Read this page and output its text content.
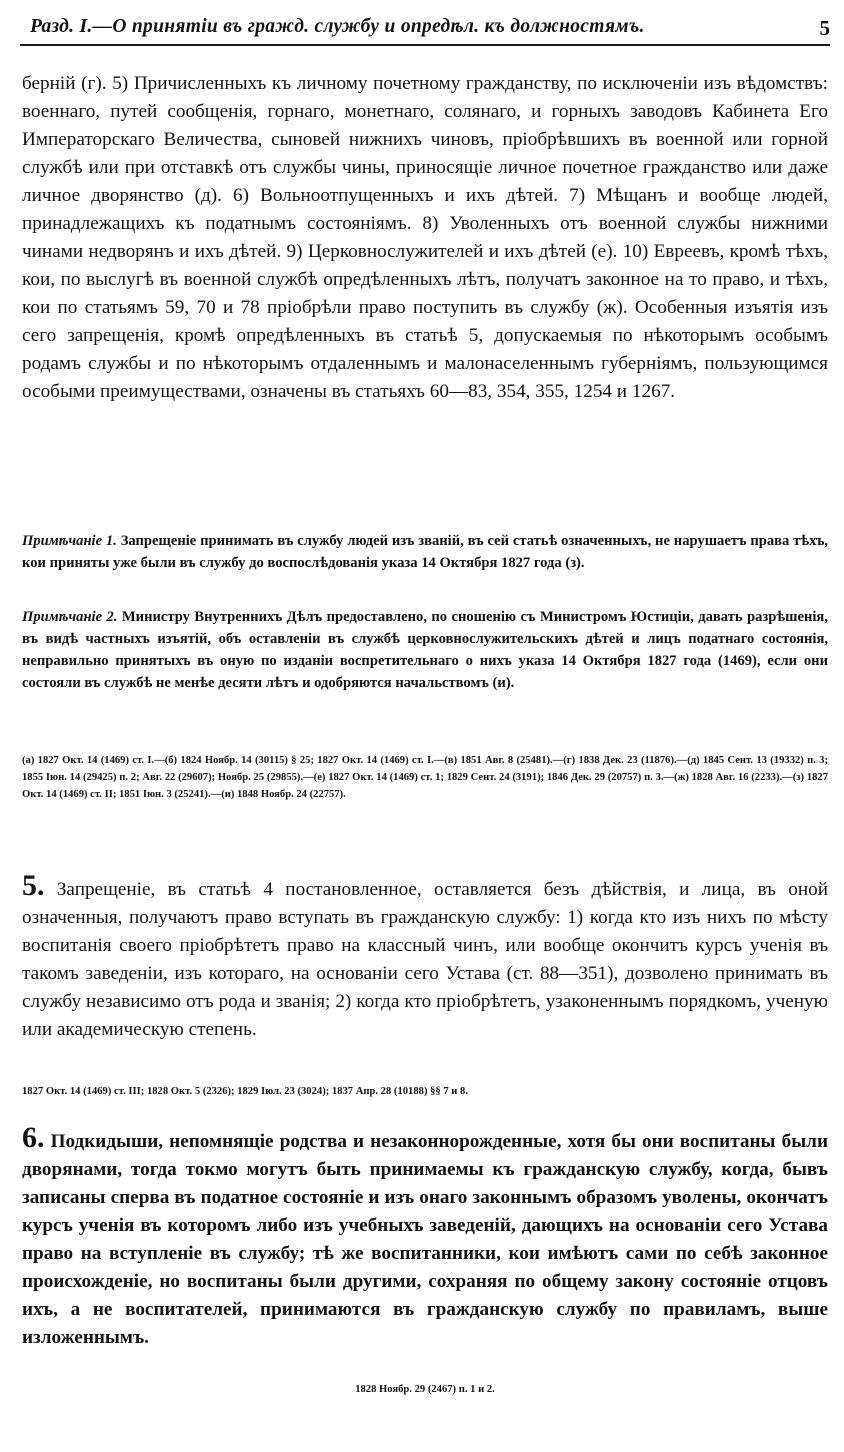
Разд. I.—О принятіи въ гражд. службу и опредѣл. къ должностямъ.	5

берній (г). 5) Причисленныхъ къ личному почетному гражданству, по исключеніи изъ вѣдомствъ: военнаго, путей сообщенія, горнаго, монетнаго, солянаго, и горныхъ заводовъ Кабинета Его Императорскаго Величества, сыновей нижнихъ чиновъ, пріобрѣвшихъ въ военной или горной службѣ или при отставкѣ отъ службы чины, приносящіе личное почетное гражданство или даже личное дворянство (д). 6) Вольноотпущенныхъ и ихъ дѣтей. 7) Мѣщанъ и вообще людей, принадлежащихъ къ податнымъ состояніямъ. 8) Уволенныхъ отъ военной службы нижними чинами недворянъ и ихъ дѣтей. 9) Церковнослужителей и ихъ дѣтей (е). 10) Евреевъ, кромѣ тѣхъ, кои, по выслугѣ въ военной службѣ опредѣленныхъ лѣтъ, получатъ законное на то право, и тѣхъ, кои по статьямъ 59, 70 и 78 пріобрѣли право поступить въ службу (ж). Особенныя изъятія изъ сего запрещенія, кромѣ опредѣленныхъ въ статьѣ 5, допускаемыя по нѣкоторымъ особымъ родамъ службы и по нѣкоторымъ отдаленнымъ и малонаселеннымъ губерніямъ, пользующимся особыми преимуществами, означены въ статьяхъ 60—83, 354, 355, 1254 и 1267.

Примѣчаніе 1. Запрещеніе принимать въ службу людей изъ званій, въ сей статьѣ означенныхъ, не нарушаетъ права тѣхъ, кои приняты уже были въ службу до воспослѣдованія указа 14 Октября 1827 года (з).

Примѣчаніе 2. Министру Внутреннихъ Дѣлъ предоставлено, по сношенію съ Министромъ Юстиціи, давать разрѣшенія, въ видѣ частныхъ изъятій, объ оставленіи въ службѣ церковнослужительскихъ дѣтей и лицъ податнаго состоянія, неправильно принятыхъ въ оную по изданіи воспретительнаго о нихъ указа 14 Октября 1827 года (1469), если они состояли въ службѣ не менѣе десяти лѣтъ и одобряются начальствомъ (и).

(а) 1827 Окт. 14 (1469) ст. I.—(б) 1824 Ноябр. 14 (30115) § 25; 1827 Окт. 14 (1469) ст. I.—(в) 1851 Авг. 8 (25481).—(г) 1838 Дек. 23 (11876).—(д) 1845 Сент. 13 (19332) п. 3; 1855 Іюн. 14 (29425) п. 2; Авг. 22 (29607); Ноябр. 25 (29855).—(е) 1827 Окт. 14 (1469) ст. 1; 1829 Сент. 24 (3191); 1846 Дек. 29 (20757) п. 3.—(ж) 1828 Авг. 16 (2233).—(з) 1827 Окт. 14 (1469) ст. II; 1851 Іюн. 3 (25241).—(и) 1848 Ноябр. 24 (22757).

5. Запрещеніе, въ статьѣ 4 постановленное, оставляется безъ дѣйствія, и лица, въ оной означенныя, получаютъ право вступать въ гражданскую службу: 1) когда кто изъ нихъ по мѣсту воспитанія своего пріобрѣтетъ право на классный чинъ, или вообще окончитъ курсъ ученія въ такомъ заведеніи, изъ котораго, на основаніи сего Устава (ст. 88—351), дозволено принимать въ службу независимо отъ рода и званія; 2) когда кто пріобрѣтетъ, узаконеннымъ порядкомъ, ученую или академическую степень.

1827 Окт. 14 (1469) ст. III; 1828 Окт. 5 (2326); 1829 Іюл. 23 (3024); 1837 Апр. 28 (10188) §§ 7 и 8.

6. Подкидыши, непомнящіе родства и незаконнорожденные, хотя бы они воспитаны были дворянами, тогда токмо могутъ быть принимаемы къ гражданскую службу, когда, бывъ записаны сперва въ податное состояніе и изъ онаго законнымъ образомъ уволены, окончатъ курсъ ученія въ которомъ либо изъ учебныхъ заведеній, дающихъ на основаніи сего Устава право на вступленіе въ службу; тѣ же воспитанники, кои имѣютъ сами по себѣ законное происхожденіе, но воспитаны были другими, сохраняя по общему закону состояніе отцовъ ихъ, а не воспитателей, принимаются въ гражданскую службу по правиламъ, выше изложеннымъ.

1828 Ноябр. 29 (2467) п. 1 и 2.
